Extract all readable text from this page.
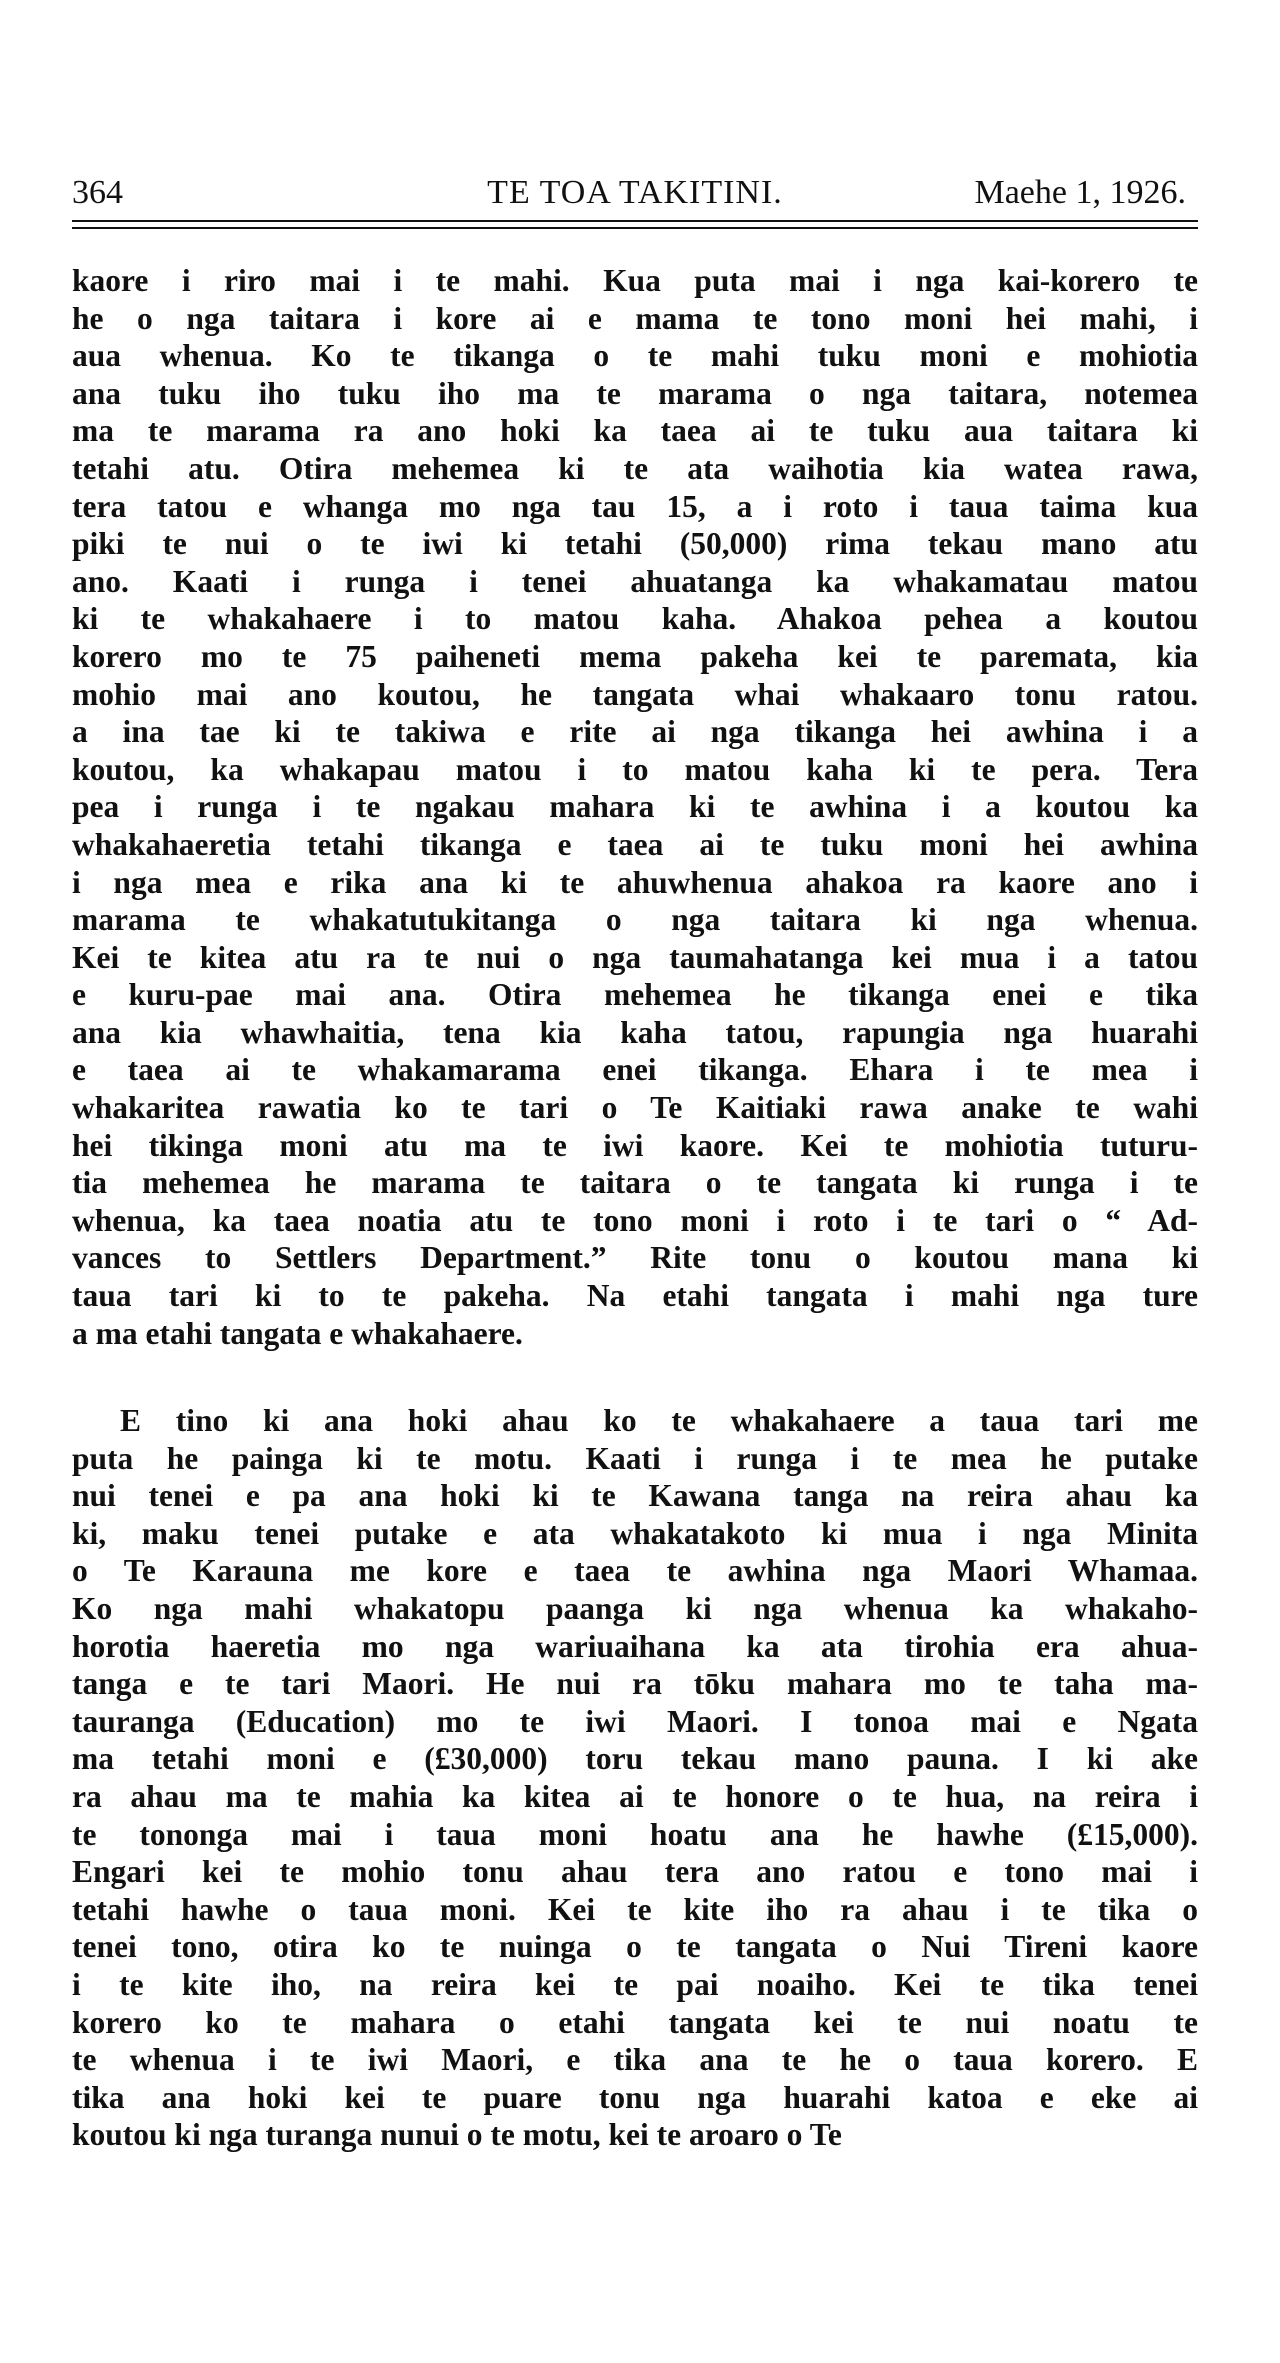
364	TE TOA TAKITINI.	Maehe 1, 1926.
kaore i riro mai i te mahi. Kua puta mai i nga kai-korero te
he o nga taitara i kore ai e mama te tono moni hei mahi, i
aua whenua. Ko te tikanga o te mahi tuku moni e mohiotia
ana tuku iho tuku iho ma te marama o nga taitara, notemea
ma te marama ra ano hoki ka taea ai te tuku aua taitara ki
tetahi atu. Otira mehemea ki te ata waihotia kia watea rawa,
tera tatou e whanga mo nga tau 15, a i roto i taua taima kua
piki te nui o te iwi ki tetahi (50,000) rima tekau mano atu
ano. Kaati i runga i tenei ahuatanga ka whakamatau matou
ki te whakahaere i to matou kaha. Ahakoa pehea a koutou
korero mo te 75 paiheneti mema pakeha kei te paremata, kia
mohio mai ano koutou, he tangata whai whakaaro tonu ratou.
a ina tae ki te takiwa e rite ai nga tikanga hei awhina i a
koutou, ka whakapau matou i to matou kaha ki te pera. Tera
pea i runga i te ngakau mahara ki te awhina i a koutou ka
whakahaeretia tetahi tikanga e taea ai te tuku moni hei awhina
i nga mea e rika ana ki te ahuwhenua ahakoa ra kaore ano i
marama te whakatutukitanga o nga taitara ki nga whenua.
Kei te kitea atu ra te nui o nga taumahatanga kei mua i a tatou
e kuru-pae mai ana. Otira mehemea he tikanga enei e tika
ana kia whawhaitia, tena kia kaha tatou, rapungia nga huarahi
e taea ai te whakamarama enei tikanga. Ehara i te mea i
whakaritea rawatia ko te tari o Te Kaitiaki rawa anake te wahi
hei tikinga moni atu ma te iwi kaore. Kei te mohiotia tuturu-
tia mehemea he marama te taitara o te tangata ki runga i te
whenua, ka taea noatia atu te tono moni i roto i te tari o “ Ad-
vances to Settlers Department.” Rite tonu o koutou mana ki
taua tari ki to te pakeha. Na etahi tangata i mahi nga ture
a ma etahi tangata e whakahaere.
E tino ki ana hoki ahau ko te whakahaere a taua tari me
puta he painga ki te motu. Kaati i runga i te mea he putake
nui tenei e pa ana hoki ki te Kawana tanga na reira ahau ka
ki, maku tenei putake e ata whakatakoto ki mua i nga Minita
o Te Karauna me kore e taea te awhina nga Maori Whamaa.
Ko nga mahi whakatopu paanga ki nga whenua ka whakaho-
horotia haeretia mo nga wariuaihana ka ata tirohia era ahua-
tanga e te tari Maori. He nui ra tōku mahara mo te taha ma-
tauranga (Education) mo te iwi Maori. I tonoa mai e Ngata
ma tetahi moni e (£30,000) toru tekau mano pauna. I ki ake
ra ahau ma te mahia ka kitea ai te honore o te hua, na reira i
te tononga mai i taua moni hoatu ana he hawhe (£15,000).
Engari kei te mohio tonu ahau tera ano ratou e tono mai i
tetahi hawhe o taua moni. Kei te kite iho ra ahau i te tika o
tenei tono, otira ko te nuinga o te tangata o Nui Tireni kaore
i te kite iho, na reira kei te pai noaiho. Kei te tika tenei
korero ko te mahara o etahi tangata kei te nui noatu te
te whenua i te iwi Maori, e tika ana te he o taua korero. E
tika ana hoki kei te puare tonu nga huarahi katoa e eke ai
koutou ki nga turanga nunui o te motu, kei te aroaro o Te
